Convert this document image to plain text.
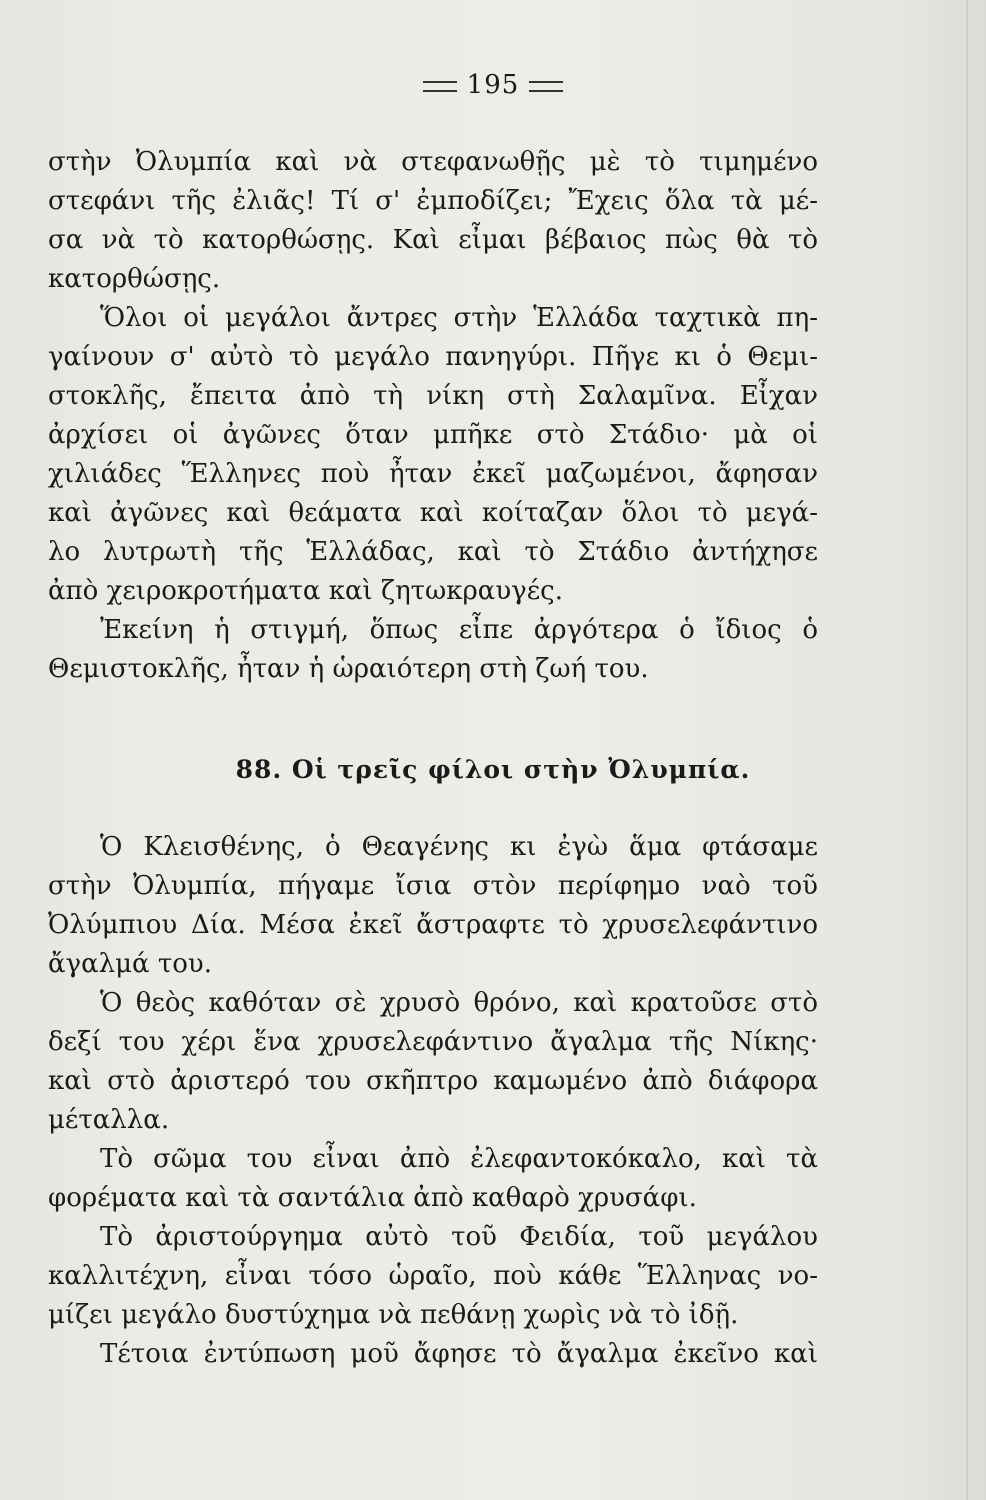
195
στὴν Ὀλυμπία καὶ νὰ στεφανωθῇς μὲ τὸ τιμημένο
στεφάνι τῆς ἐλιᾶς! Τί σ' ἐμποδίζει; Ἔχεις ὅλα τὰ μέ-
σα νὰ τὸ κατορθώσῃς. Καὶ εἶμαι βέβαιος πὼς θὰ τὸ
κατορθώσῃς.
Ὅλοι οἱ μεγάλοι ἄντρες στὴν Ἑλλάδα ταχτικὰ πη-
γαίνουν σ' αὐτὸ τὸ μεγάλο πανηγύρι. Πῆγε κι ὁ Θεμι-
στοκλῆς, ἔπειτα ἀπὸ τὴ νίκη στὴ Σαλαμῖνα. Εἶχαν
ἀρχίσει οἱ ἀγῶνες ὅταν μπῆκε στὸ Στάδιο· μὰ οἱ
χιλιάδες Ἕλληνες ποὺ ἦταν ἐκεῖ μαζωμένοι, ἄφησαν
καὶ ἀγῶνες καὶ θεάματα καὶ κοίταζαν ὅλοι τὸ μεγά-
λο λυτρωτὴ τῆς Ἑλλάδας, καὶ τὸ Στάδιο ἀντήχησε
ἀπὸ χειροκροτήματα καὶ ζητωκραυγές.
Ἐκείνη ἡ στιγμή, ὅπως εἶπε ἀργότερα ὁ ἴδιος ὁ
Θεμιστοκλῆς, ἦταν ἡ ὡραιότερη στὴ ζωή του.
88. Οἱ τρεῖς φίλοι στὴν Ὀλυμπία.
Ὁ Κλεισθένης, ὁ Θεαγένης κι ἐγὼ ἅμα φτάσαμε
στὴν Ὀλυμπία, πήγαμε ἴσια στὸν περίφημο ναὸ τοῦ
Ὀλύμπιου Δία. Μέσα ἐκεῖ ἄστραφτε τὸ χρυσελεφάντινο
ἄγαλμά του.
Ὁ θεὸς καθόταν σὲ χρυσὸ θρόνο, καὶ κρατοῦσε στὸ
δεξί του χέρι ἕνα χρυσελεφάντινο ἄγαλμα τῆς Νίκης·
καὶ στὸ ἀριστερό του σκῆπτρο καμωμένο ἀπὸ διάφορα
μέταλλα.
Τὸ σῶμα του εἶναι ἀπὸ ἐλεφαντοκόκαλο, καὶ τὰ
φορέματα καὶ τὰ σαντάλια ἀπὸ καθαρὸ χρυσάφι.
Τὸ ἀριστούργημα αὐτὸ τοῦ Φειδία, τοῦ μεγάλου
καλλιτέχνη, εἶναι τόσο ὡραῖο, ποὺ κάθε Ἕλληνας νο-
μίζει μεγάλο δυστύχημα νὰ πεθάνῃ χωρὶς νὰ τὸ ἰδῇ.
Τέτοια ἐντύπωση μοῦ ἄφησε τὸ ἄγαλμα ἐκεῖνο καὶ
